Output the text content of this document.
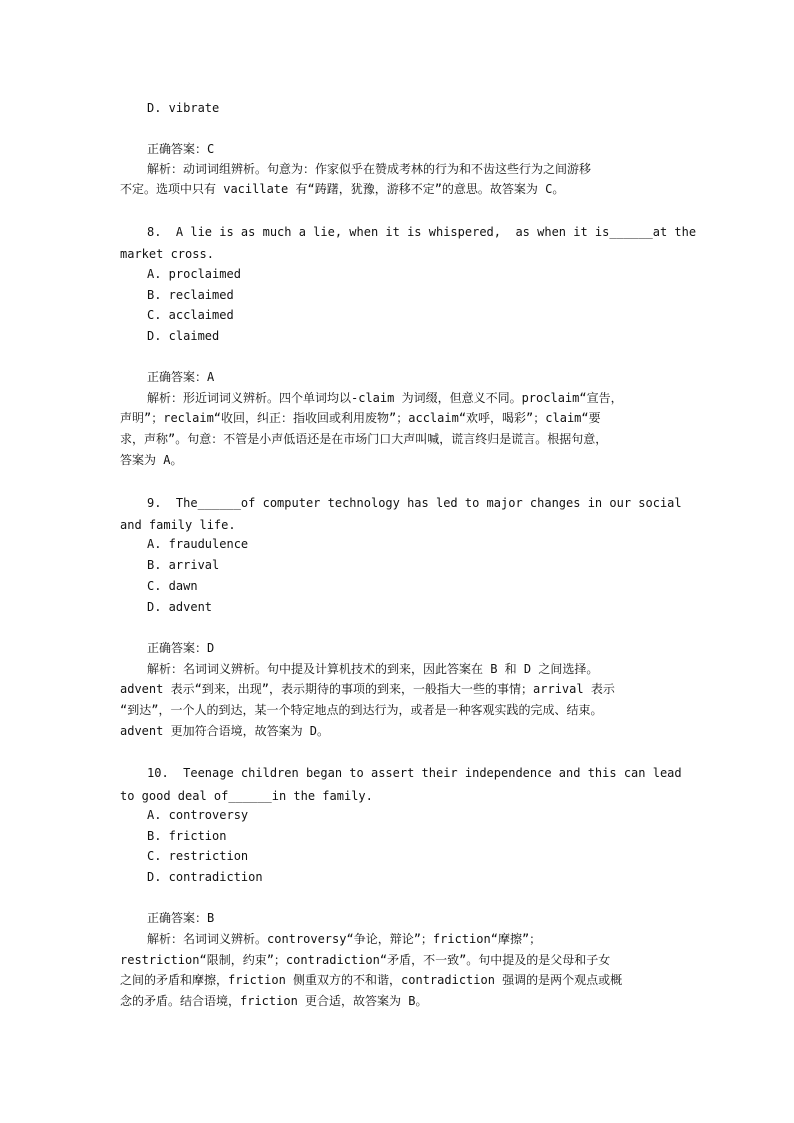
D. vibrate
正确答案：C
解析：动词词组辨析。句意为：作家似乎在赞成考林的行为和不齿这些行为之间游移
不定。选项中只有 vacillate 有“踌躇，犹豫，游移不定”的意思。故答案为 C。
8.  A lie is as much a lie, when it is whispered,  as when it is______at the
market cross.
A. proclaimed
B. reclaimed
C. acclaimed
D. claimed
正确答案：A
解析：形近词词义辨析。四个单词均以-claim 为词缀，但意义不同。proclaim“宣告，
声明”；reclaim“收回，纠正：指收回或利用废物”；acclaim“欢呼，喝彩”；claim“要
求，声称”。句意：不管是小声低语还是在市场门口大声叫喊，谎言终归是谎言。根据句意，
答案为 A。
9.  The______of computer technology has led to major changes in our social
and family life.
A. fraudulence
B. arrival
C. dawn
D. advent
正确答案：D
解析：名词词义辨析。句中提及计算机技术的到来，因此答案在 B 和 D 之间选择。
advent 表示“到来，出现”，表示期待的事项的到来，一般指大一些的事情；arrival 表示
“到达”，一个人的到达，某一个特定地点的到达行为，或者是一种客观实践的完成、结束。
advent 更加符合语境，故答案为 D。
10.  Teenage children began to assert their independence and this can lead
to good deal of______in the family.
A. controversy
B. friction
C. restriction
D. contradiction
正确答案：B
解析：名词词义辨析。controversy“争论，辩论”；friction“摩擦”；
restriction“限制，约束”；contradiction“矛盾，不一致”。句中提及的是父母和子女
之间的矛盾和摩擦，friction 侧重双方的不和谐，contradiction 强调的是两个观点或概
念的矛盾。结合语境，friction 更合适，故答案为 B。
